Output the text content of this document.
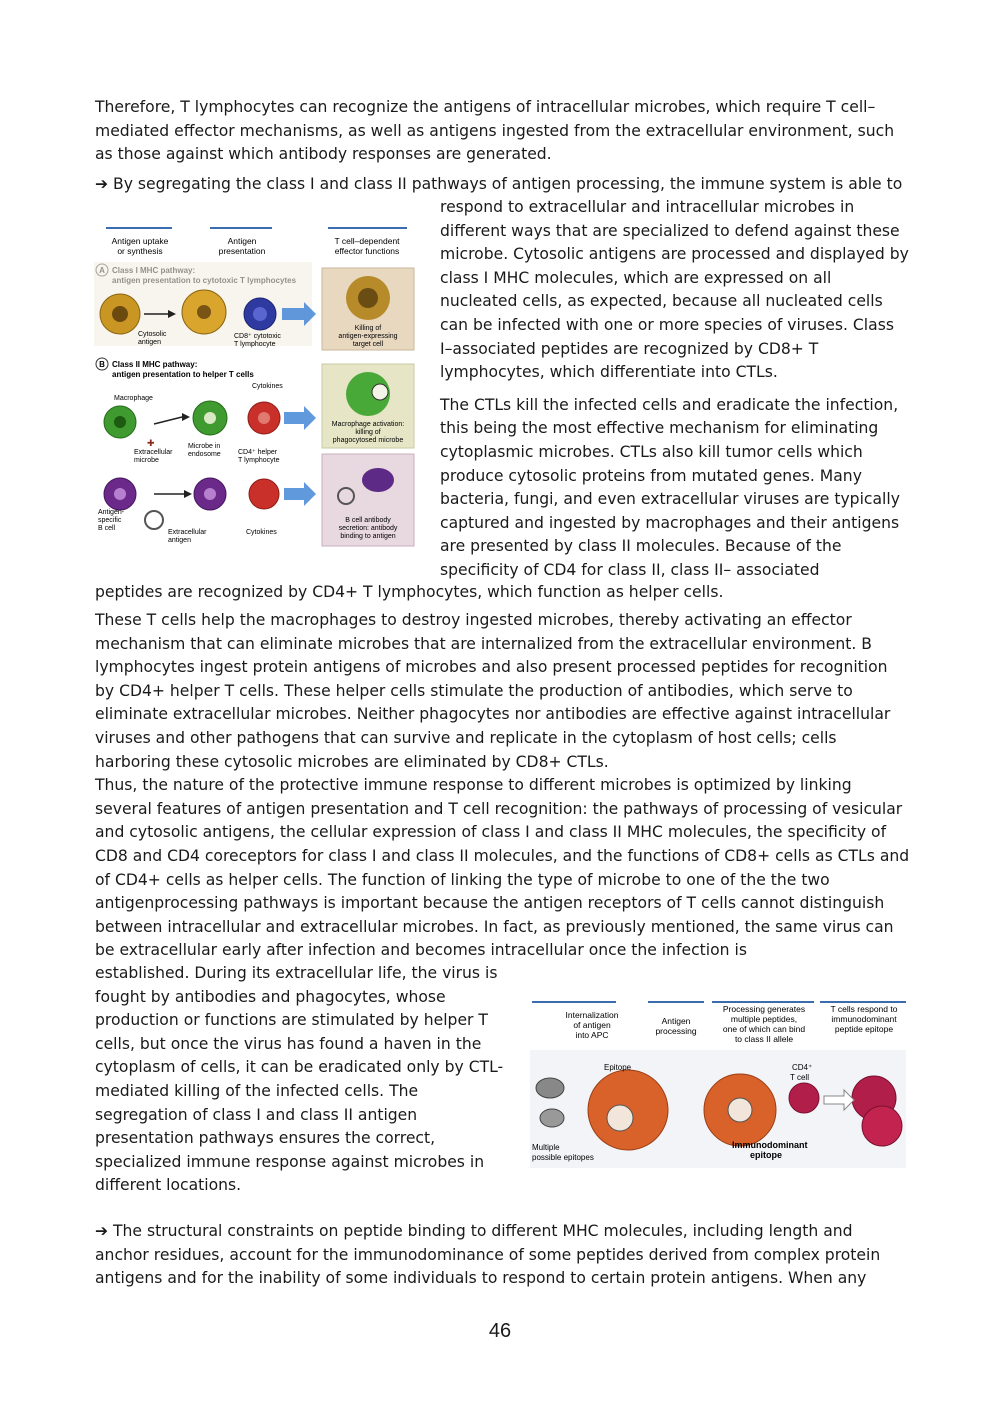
Therefore, T lymphocytes can recognize the antigens of intracellular microbes, which require T cell–mediated effector mechanisms, as well as antigens ingested from the extracellular environment, such as those against which antibody responses are generated.
➔ By segregating the class I and class II pathways of antigen processing, the immune system is able to
Antigen uptake
or synthesis
Antigen
presentation
T cell–dependent
effector functions
Cytosolic
antigen
CD8⁺ cytotoxic
T lymphocyte
Killing of
antigen-expressing
target cell
B Class II MHC pathway:
antigen presentation to helper T cells
Cytokines
Macrophage
✚
Extracellular
microbe
Microbe in
endosome CD4⁺ helper
T lymphocyte
Macrophage activation:
killing of
phagocytosed microbe
Antigen-
specific
B cell
Extracellular
antigen
Cytokines
B cell antibody
secretion: antibody
binding to antigen

respond to extracellular and intracellular microbes in different ways that are specialized to defend against these microbe. Cytosolic antigens are processed and displayed by class I MHC molecules, which are expressed on all nucleated cells, as expected, because all nucleated cells can be infected with one or more species of viruses. Class I–associated peptides are recognized by CD8+ T lymphocytes, which differentiate into CTLs.

The CTLs kill the infected cells and eradicate the infection, this being the most effective mechanism for eliminating cytoplasmic microbes. CTLs also kill tumor cells which produce cytosolic proteins from mutated genes. Many bacteria, fungi, and even extracellular viruses are typically captured and ingested by macrophages and their antigens are presented by class II molecules. Because of the specificity of CD4 for class II, class II– associated

peptides are recognized by CD4+ T lymphocytes, which function as helper cells.
These T cells help the macrophages to destroy ingested microbes, thereby activating an effector mechanism that can eliminate microbes that are internalized from the extracellular environment. B lymphocytes ingest protein antigens of microbes and also present processed peptides for recognition by CD4+ helper T cells. These helper cells stimulate the production of antibodies, which serve to eliminate extracellular microbes. Neither phagocytes nor antibodies are effective against intracellular viruses and other pathogens that can survive and replicate in the cytoplasm of host cells; cells harboring these cytosolic microbes are eliminated by CD8+ CTLs.
Thus, the nature of the protective immune response to different microbes is optimized by linking several features of antigen presentation and T cell recognition: the pathways of processing of vesicular and cytosolic antigens, the cellular expression of class I and class II MHC molecules, the specificity of CD8 and CD4 coreceptors for class I and class II molecules, and the functions of CD8+ cells as CTLs and of CD4+ cells as helper cells. The function of linking the type of microbe to one of the the two antigenprocessing pathways is important because the antigen receptors of T cells cannot distinguish between intracellular and extracellular microbes. In fact, as previously mentioned, the same virus can be extracellular early after infection and becomes intracellular once the infection is
established. During its extracellular life, the virus is fought by antibodies and phagocytes, whose production or functions are stimulated by helper T cells, but once the virus has found a haven in the cytoplasm of cells, it can be eradicated only by CTL-mediated killing of the infected cells. The segregation of class I and class II antigen presentation pathways ensures the correct, specialized immune response against microbes in different locations.
Internalization
of antigen
into APC
Antigen
processing
Processing generates
multiple peptides,
one of which can bind
to class II allele
T cells respond to
immunodominant
peptide epitope
Epitope	CD4⁺
T cell
Multiple
possible epitopes
Immunodominant
epitope
➔ The structural constraints on peptide binding to different MHC molecules, including length and anchor residues, account for the immunodominance of some peptides derived from complex protein antigens and for the inability of some individuals to respond to certain protein antigens. When any
46
